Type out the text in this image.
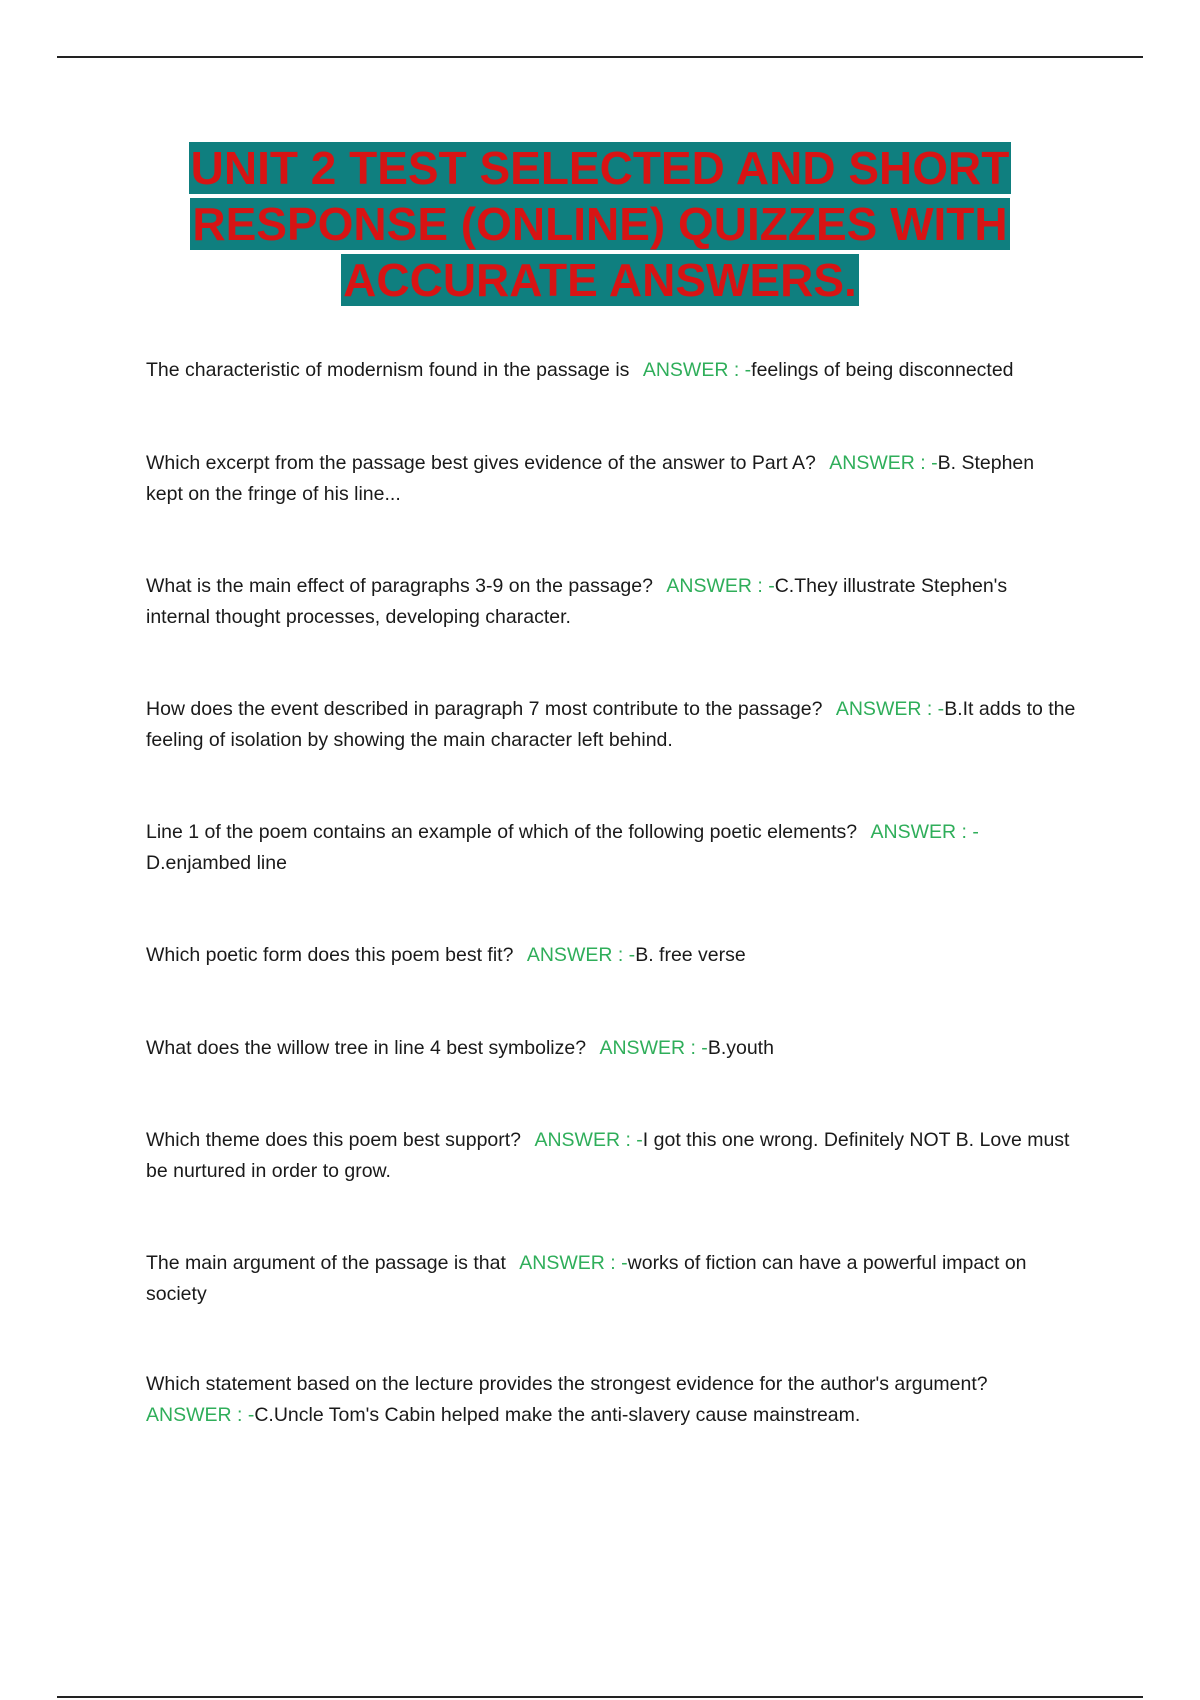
UNIT 2 TEST SELECTED AND SHORT RESPONSE (ONLINE) QUIZZES WITH ACCURATE ANSWERS.
The characteristic of modernism found in the passage is ANSWER : -feelings of being disconnected
Which excerpt from the passage best gives evidence of the answer to Part A? ANSWER : -B. Stephen kept on the fringe of his line...
What is the main effect of paragraphs 3-9 on the passage? ANSWER : -C.They illustrate Stephen's internal thought processes, developing character.
How does the event described in paragraph 7 most contribute to the passage? ANSWER : -B.It adds to the feeling of isolation by showing the main character left behind.
Line 1 of the poem contains an example of which of the following poetic elements? ANSWER : -D.enjambed line
Which poetic form does this poem best fit? ANSWER : -B. free verse
What does the willow tree in line 4 best symbolize? ANSWER : -B.youth
Which theme does this poem best support? ANSWER : -I got this one wrong. Definitely NOT B. Love must be nurtured in order to grow.
The main argument of the passage is that ANSWER : -works of fiction can have a powerful impact on society
Which statement based on the lecture provides the strongest evidence for the author's argument? ANSWER : -C.Uncle Tom's Cabin helped make the anti-slavery cause mainstream.
